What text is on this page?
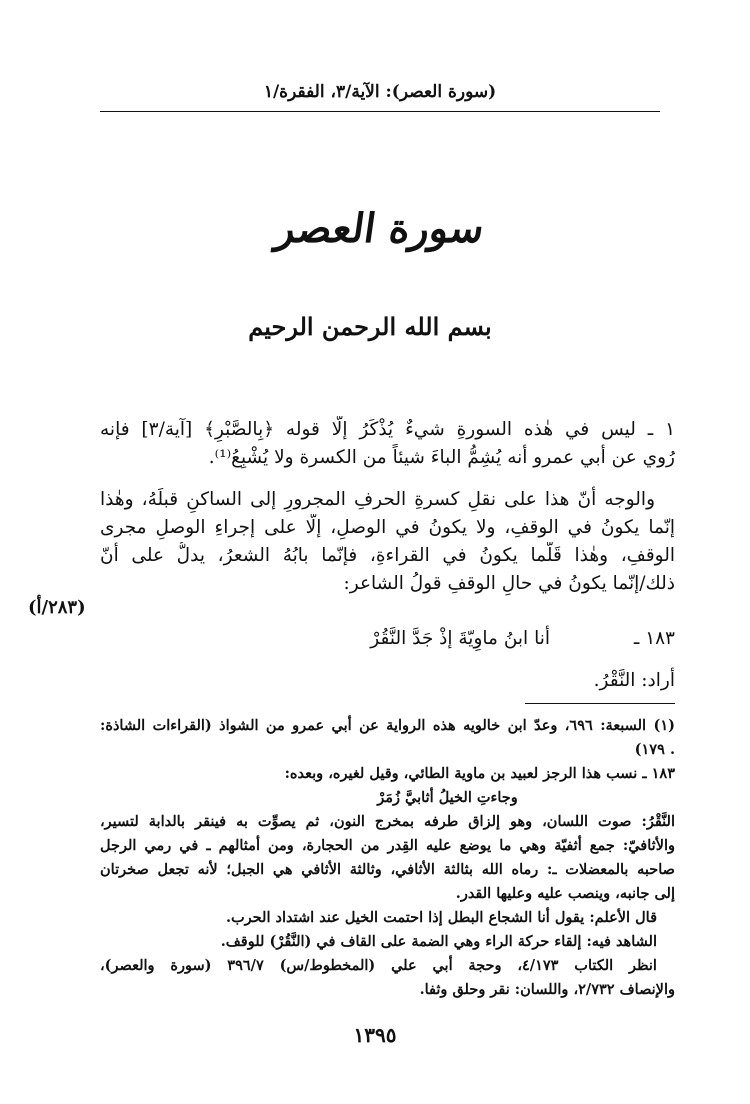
(سورة العصر): الآية/٣، الفقرة/١
سورة العصر
بسم الله الرحمن الرحيم
١ ـ ليس في هٰذه السورةِ شيءٌ يُذْكَرُ إلّا قوله ﴿بِالصَّبْرِ﴾ [آية/٣] فإنه
رُوي عن أبي عمرو أنه يُشِمُّ الباءَ شيئاً من الكسرة ولا يُشْبِعُ⁽¹⁾.
والوجه أنّ هذا على نقلِ كسرةِ الحرفِ المجرورِ إلى الساكنِ قبلَهُ، وهٰذا
إنّما يكونُ في الوقفِ، ولا يكونُ في الوصلِ، إلّا على إجراءِ الوصلِ مجرى
الوقفِ، وهٰذا قَلّما يكونُ في القراءةِ، فإنّما بابُهُ الشعرُ، يدلُّ على أنّ
ذلك/إنّما يكونُ في حالِ الوقفِ قولُ الشاعر:
(٢٨٣/أ)
١٨٣ ـ
أنا ابنُ ماوِيّةَ إذْ جَدَّ النَّقُرْ
أراد: النَّقْرُ.
(١) السبعة: ٦٩٦، وعدّ ابن خالويه هذه الرواية عن أبي عمرو من الشواذ (القراءات الشاذة:
. ١٧٩)
١٨٣ ـ نسب هذا الرجز لعبيد بن ماوية الطائي، وقيل لغيره، وبعده:
وجاءتِ الخيلُ أثابيَّ زُمَرْ
النَّقْرُ: صوت اللسان، وهو إلزاق طرفه بمخرج النون، ثم يصوِّت به فينقر بالدابة لتسير،
والأثافيّ: جمع أثفيّة وهي ما يوضع عليه القِدر من الحجارة، ومن أمثالهم ـ في رمي الرجل
صاحبه بالمعضلات ـ: رماه الله بثالثة الأثافي، وثالثة الأثافي هي الجبل؛ لأنه تجعل صخرتان
إلى جانبه، وينصب عليه وعليها القدر.
قال الأعلم: يقول أنا الشجاع البطل إذا احتمت الخيل عند اشتداد الحرب.
الشاهد فيه: إلقاء حركة الراء وهي الضمة على القاف في (النَّقُرْ) للوقف.
انظر الكتاب ٤/١٧٣، وحجة أبي علي (المخطوط/س) ٣٩٦/٧ (سورة والعصر)،
والإنصاف ٢/٧٣٢، واللسان: نقر وحلق وثفا.
١٣٩٥
